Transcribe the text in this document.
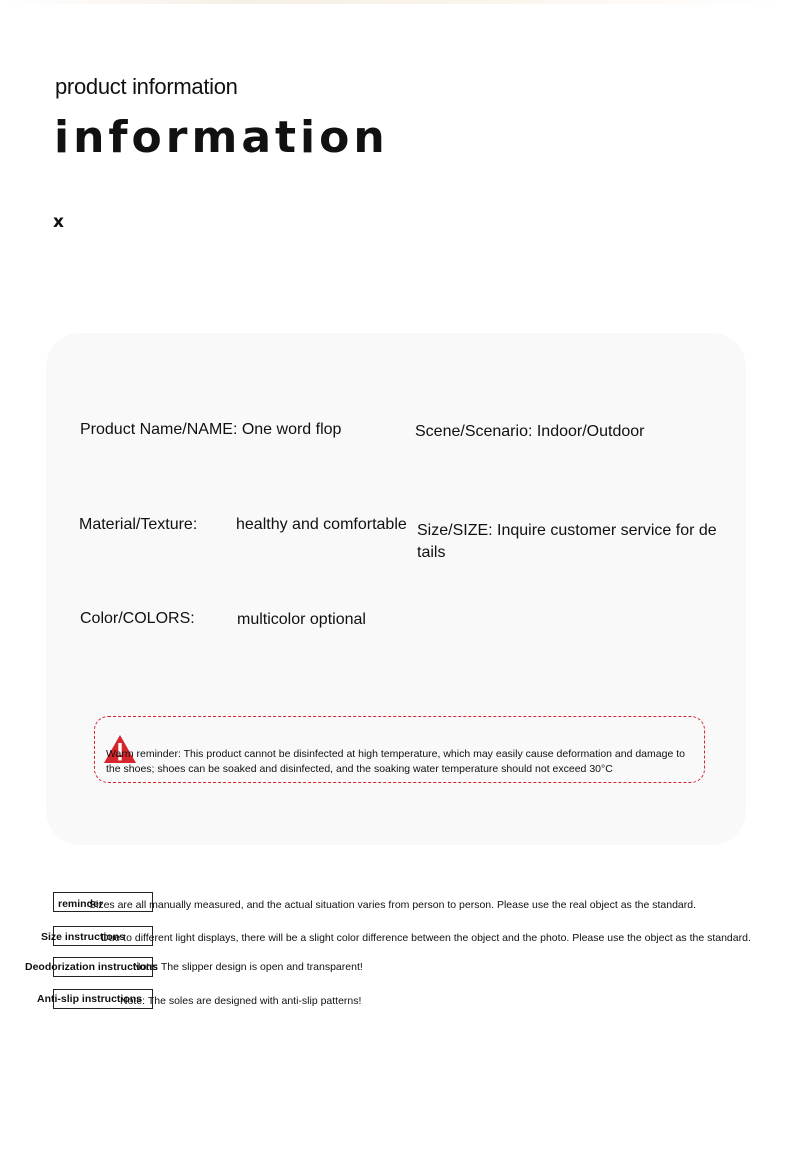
product information
information
x
Product Name/NAME: One word flop	Scene/Scenario: Indoor/Outdoor
Material/Texture: healthy and comfortable Size/SIZE: Inquire customer service for de tails
Color/COLORS:	multicolor optional
Warm reminder: This product cannot be disinfected at high temperature, which may easily cause deformation and damage to the shoes; shoes can be soaked and disinfected, and the soaking water temperature should not exceed 30°C
Sizes are all manually measured, and the actual situation varies from person to person. Please use the real object as the standard.
Due to different light displays, there will be a slight color difference between the object and the photo. Please use the object as the standard.
Note: The slipper design is open and transparent!
Note: The soles are designed with anti-slip patterns!
reminder
Size instructions
Deodorization instructions
Anti-slip instructions
